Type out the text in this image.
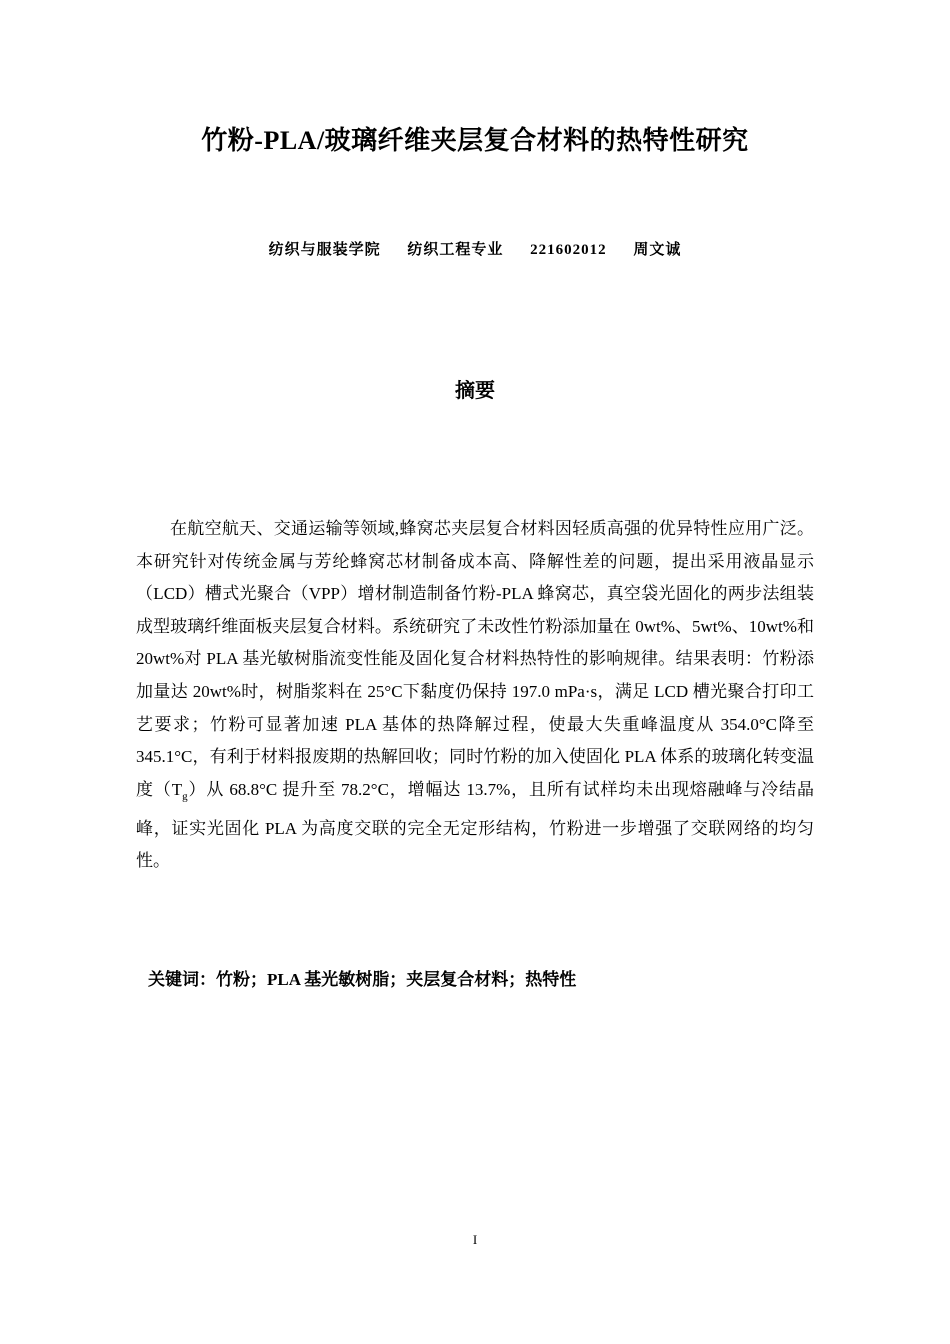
竹粉-PLA/玻璃纤维夹层复合材料的热特性研究
纺织与服装学院 纺织工程专业 221602012 周文诚
摘要

在航空航天、交通运输等领域,蜂窝芯夹层复合材料因轻质高强的优异特性应用广泛。本研究针对传统金属与芳纶蜂窝芯材制备成本高、降解性差的问题，提出采用液晶显示（LCD）槽式光聚合（VPP）增材制造制备竹粉-PLA 蜂窝芯，真空袋光固化的两步法组装成型玻璃纤维面板夹层复合材料。系统研究了未改性竹粉添加量在 0wt%、5wt%、10wt%和 20wt%对 PLA 基光敏树脂流变性能及固化复合材料热特性的影响规律。结果表明：竹粉添加量达 20wt%时，树脂浆料在 25°C下黏度仍保持 197.0 mPa·s，满足 LCD 槽光聚合打印工艺要求；竹粉可显著加速 PLA 基体的热降解过程，使最大失重峰温度从 354.0°C降至 345.1°C，有利于材料报废期的热解回收；同时竹粉的加入使固化 PLA 体系的玻璃化转变温度$(T_g)$从 68.8°C 提升至 78.2°C，增幅达 13.7%，且所有试样均未出现熔融峰与冷结晶峰，证实光固化 PLA 为高度交联的完全无定形结构，竹粉进一步增强了交联网络的均匀性。

关键词：竹粉；PLA 基光敏树脂；夹层复合材料；热特性
I
